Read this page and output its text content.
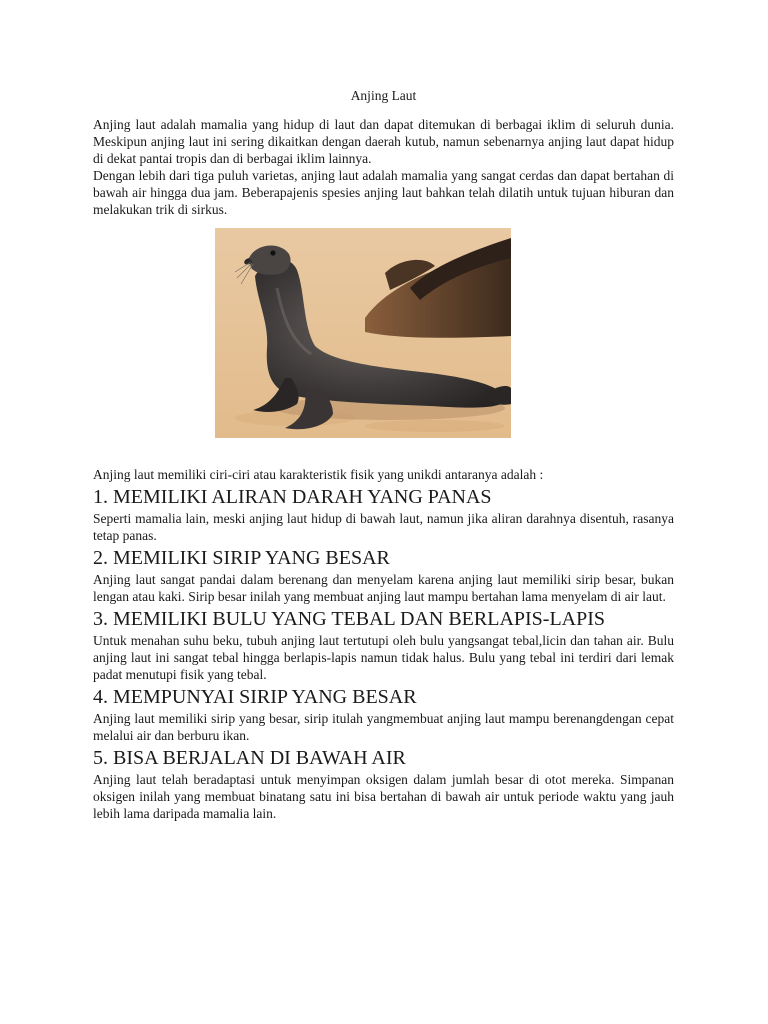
Anjing Laut

Anjing laut adalah mamalia yang hidup di laut dan dapat ditemukan di berbagai iklim di seluruh dunia. Meskipun anjing laut ini sering dikaitkan dengan daerah kutub, namun sebenarnya anjing laut dapat hidup di dekat pantai tropis dan di berbagai iklim lainnya.

Dengan lebih dari tiga puluh varietas, anjing laut adalah mamalia yang sangat cerdas dan dapat bertahan di bawah air hingga dua jam. Beberapajenis spesies anjing laut bahkan telah dilatih untuk tujuan hiburan dan melakukan trik di sirkus.

Anjing laut memiliki ciri-ciri atau karakteristik fisik yang unikdi antaranya adalah :

1. MEMILIKI ALIRAN DARAH YANG PANAS

Seperti mamalia lain, meski anjing laut hidup di bawah laut, namun jika aliran darahnya disentuh, rasanya tetap panas.

2. MEMILIKI SIRIP YANG BESAR

Anjing laut sangat pandai dalam berenang dan menyelam karena anjing laut memiliki sirip besar, bukan lengan atau kaki. Sirip besar inilah yang membuat anjing laut mampu bertahan lama menyelam di air laut.

3. MEMILIKI BULU YANG TEBAL DAN BERLAPIS-LAPIS

Untuk menahan suhu beku, tubuh anjing laut tertutupi oleh bulu yangsangat tebal,licin dan tahan air. Bulu anjing laut ini sangat tebal hingga berlapis-lapis namun tidak halus. Bulu yang tebal ini terdiri dari lemak padat menutupi fisik yang tebal.

4. MEMPUNYAI SIRIP YANG BESAR

Anjing laut memiliki sirip yang besar, sirip itulah yangmembuat anjing laut mampu berenangdengan cepat melalui air dan berburu ikan.

5. BISA BERJALAN DI BAWAH AIR

Anjing laut telah beradaptasi untuk menyimpan oksigen dalam jumlah besar di otot mereka. Simpanan oksigen inilah yang membuat binatang satu ini bisa bertahan di bawah air untuk periode waktu yang jauh lebih lama daripada mamalia lain.
